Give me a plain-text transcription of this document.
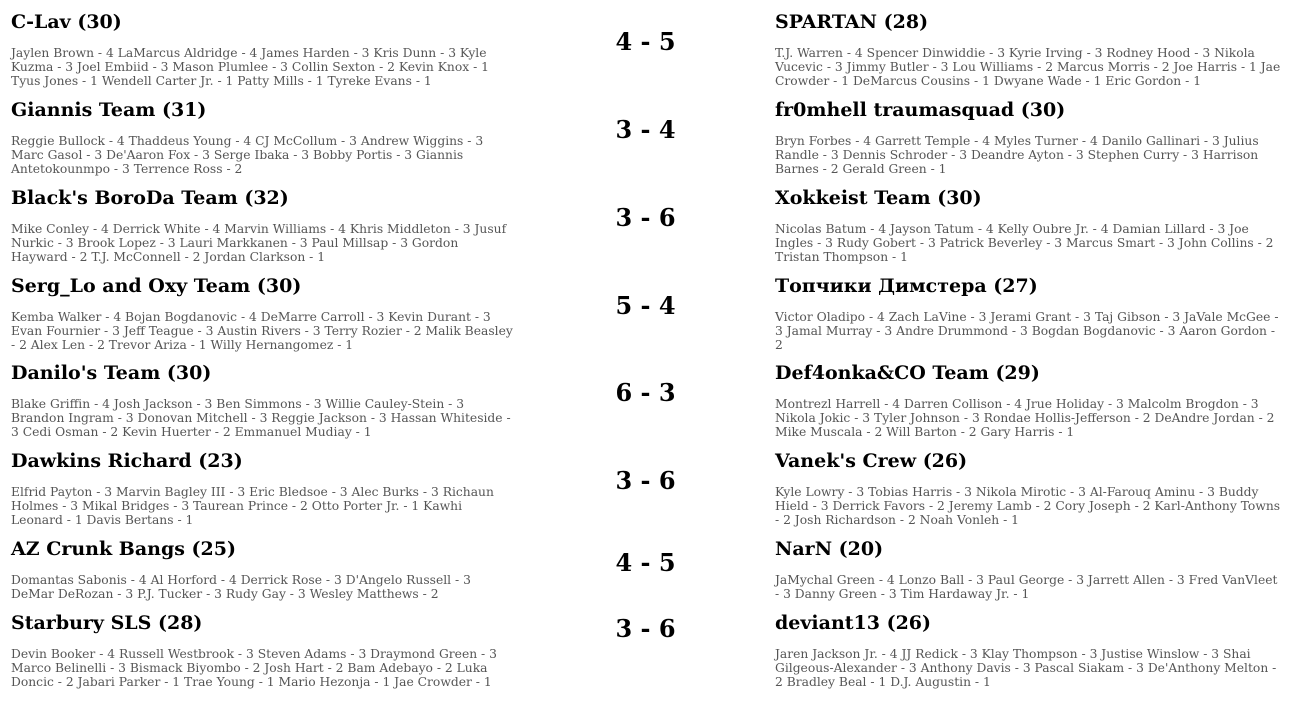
C-Lav (30)
Jaylen Brown - 4 LaMarcus Aldridge - 4 James Harden - 3 Kris Dunn - 3 Kyle Kuzma - 3 Joel Embiid - 3 Mason Plumlee - 3 Collin Sexton - 2 Kevin Knox - 1 Tyus Jones - 1 Wendell Carter Jr. - 1 Patty Mills - 1 Tyreke Evans - 1
4 - 5
SPARTAN (28)
T.J. Warren - 4 Spencer Dinwiddie - 3 Kyrie Irving - 3 Rodney Hood - 3 Nikola Vucevic - 3 Jimmy Butler - 3 Lou Williams - 2 Marcus Morris - 2 Joe Harris - 1 Jae Crowder - 1 DeMarcus Cousins - 1 Dwyane Wade - 1 Eric Gordon - 1
Giannis Team (31)
Reggie Bullock - 4 Thaddeus Young - 4 CJ McCollum - 3 Andrew Wiggins - 3 Marc Gasol - 3 De'Aaron Fox - 3 Serge Ibaka - 3 Bobby Portis - 3 Giannis Antetokounmpo - 3 Terrence Ross - 2
3 - 4
fr0mhell traumasquad (30)
Bryn Forbes - 4 Garrett Temple - 4 Myles Turner - 4 Danilo Gallinari - 3 Julius Randle - 3 Dennis Schroder - 3 Deandre Ayton - 3 Stephen Curry - 3 Harrison Barnes - 2 Gerald Green - 1
Black's BoroDa Team (32)
Mike Conley - 4 Derrick White - 4 Marvin Williams - 4 Khris Middleton - 3 Jusuf Nurkic - 3 Brook Lopez - 3 Lauri Markkanen - 3 Paul Millsap - 3 Gordon Hayward - 2 T.J. McConnell - 2 Jordan Clarkson - 1
3 - 6
Xokkeist Team (30)
Nicolas Batum - 4 Jayson Tatum - 4 Kelly Oubre Jr. - 4 Damian Lillard - 3 Joe Ingles - 3 Rudy Gobert - 3 Patrick Beverley - 3 Marcus Smart - 3 John Collins - 2 Tristan Thompson - 1
Serg_Lo and Oxy Team (30)
Kemba Walker - 4 Bojan Bogdanovic - 4 DeMarre Carroll - 3 Kevin Durant - 3 Evan Fournier - 3 Jeff Teague - 3 Austin Rivers - 3 Terry Rozier - 2 Malik Beasley - 2 Alex Len - 2 Trevor Ariza - 1 Willy Hernangomez - 1
5 - 4
Топчики Димстера (27)
Victor Oladipo - 4 Zach LaVine - 3 Jerami Grant - 3 Taj Gibson - 3 JaVale McGee - 3 Jamal Murray - 3 Andre Drummond - 3 Bogdan Bogdanovic - 3 Aaron Gordon - 2
Danilo's Team (30)
Blake Griffin - 4 Josh Jackson - 3 Ben Simmons - 3 Willie Cauley-Stein - 3 Brandon Ingram - 3 Donovan Mitchell - 3 Reggie Jackson - 3 Hassan Whiteside - 3 Cedi Osman - 2 Kevin Huerter - 2 Emmanuel Mudiay - 1
6 - 3
Def4onka&CO Team (29)
Montrezl Harrell - 4 Darren Collison - 4 Jrue Holiday - 3 Malcolm Brogdon - 3 Nikola Jokic - 3 Tyler Johnson - 3 Rondae Hollis-Jefferson - 2 DeAndre Jordan - 2 Mike Muscala - 2 Will Barton - 2 Gary Harris - 1
Dawkins Richard (23)
Elfrid Payton - 3 Marvin Bagley III - 3 Eric Bledsoe - 3 Alec Burks - 3 Richaun Holmes - 3 Mikal Bridges - 3 Taurean Prince - 2 Otto Porter Jr. - 1 Kawhi Leonard - 1 Davis Bertans - 1
3 - 6
Vanek's Crew (26)
Kyle Lowry - 3 Tobias Harris - 3 Nikola Mirotic - 3 Al-Farouq Aminu - 3 Buddy Hield - 3 Derrick Favors - 2 Jeremy Lamb - 2 Cory Joseph - 2 Karl-Anthony Towns - 2 Josh Richardson - 2 Noah Vonleh - 1
AZ Crunk Bangs (25)
Domantas Sabonis - 4 Al Horford - 4 Derrick Rose - 3 D'Angelo Russell - 3 DeMar DeRozan - 3 P.J. Tucker - 3 Rudy Gay - 3 Wesley Matthews - 2
4 - 5	NarN (20)
JaMychal Green - 4 Lonzo Ball - 3 Paul George - 3 Jarrett Allen - 3 Fred VanVleet - 3 Danny Green - 3 Tim Hardaway Jr. - 1
Starbury SLS (28)
Devin Booker - 4 Russell Westbrook - 3 Steven Adams - 3 Draymond Green - 3 Marco Belinelli - 3 Bismack Biyombo - 2 Josh Hart - 2 Bam Adebayo - 2 Luka Doncic - 2 Jabari Parker - 1 Trae Young - 1 Mario Hezonja - 1 Jae Crowder - 1
3 - 6	deviant13 (26)
Jaren Jackson Jr. - 4 JJ Redick - 3 Klay Thompson - 3 Justise Winslow - 3 Shai Gilgeous-Alexander - 3 Anthony Davis - 3 Pascal Siakam - 3 De'Anthony Melton - 2 Bradley Beal - 1 D.J. Augustin - 1
